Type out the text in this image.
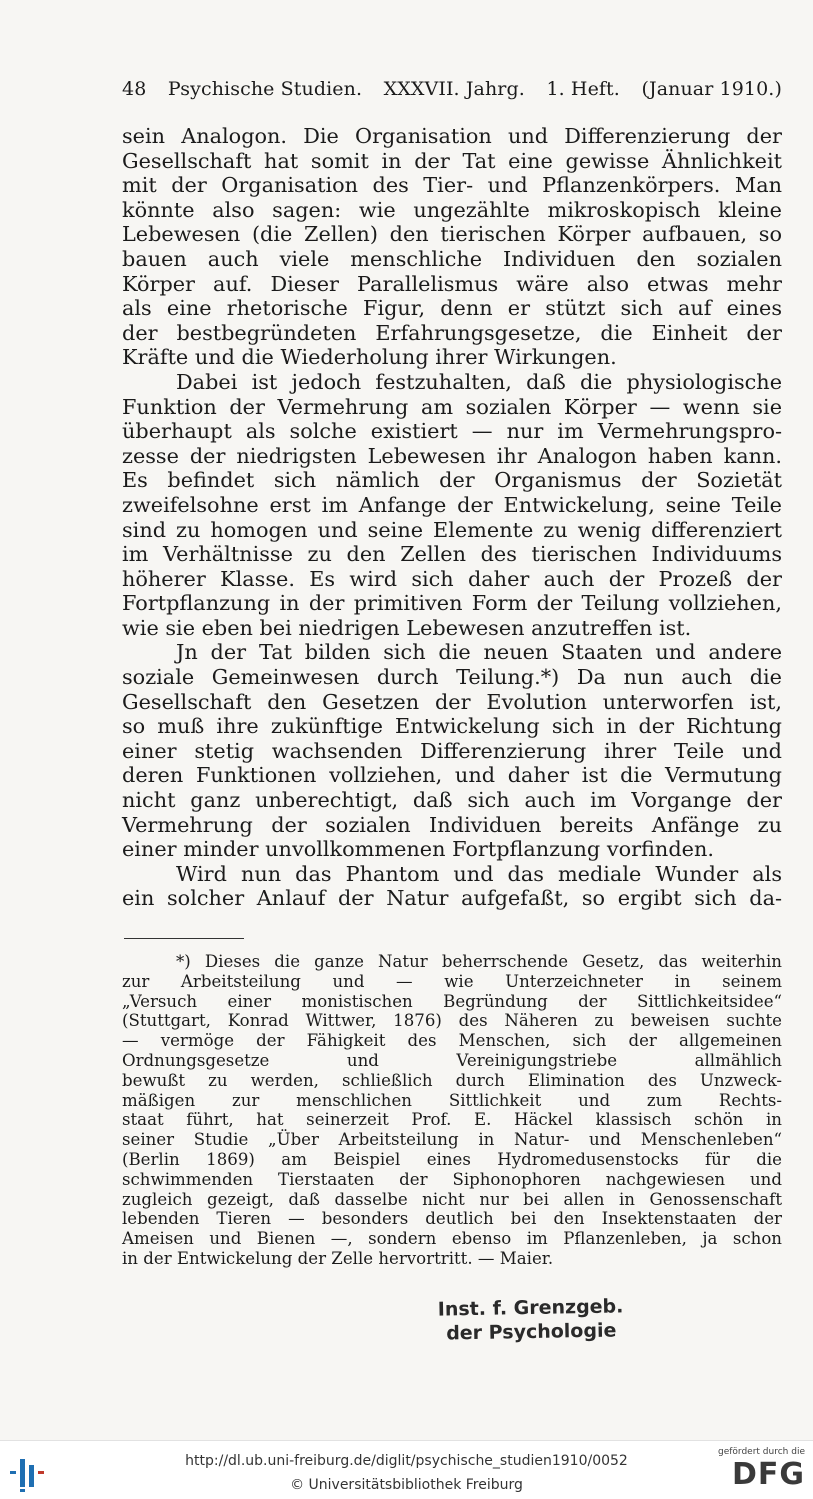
48 Psychische Studien. XXXVII. Jahrg. 1. Heft. (Januar 1910.)
sein Analogon. Die Organisation und Differenzierung der
Gesellschaft hat somit in der Tat eine gewisse Ähnlichkeit
mit der Organisation des Tier- und Pflanzenkörpers. Man
könnte also sagen: wie ungezählte mikroskopisch kleine
Lebewesen (die Zellen) den tierischen Körper aufbauen, so
bauen auch viele menschliche Individuen den sozialen
Körper auf. Dieser Parallelismus wäre also etwas mehr
als eine rhetorische Figur, denn er stützt sich auf eines
der bestbegründeten Erfahrungsgesetze, die Einheit der
Kräfte und die Wiederholung ihrer Wirkungen.
Dabei ist jedoch festzuhalten, daß die physiologische
Funktion der Vermehrung am sozialen Körper — wenn sie
überhaupt als solche existiert — nur im Vermehrungspro-
zesse der niedrigsten Lebewesen ihr Analogon haben kann.
Es befindet sich nämlich der Organismus der Sozietät
zweifelsohne erst im Anfange der Entwickelung, seine Teile
sind zu homogen und seine Elemente zu wenig differenziert
im Verhältnisse zu den Zellen des tierischen Individuums
höherer Klasse. Es wird sich daher auch der Prozeß der
Fortpflanzung in der primitiven Form der Teilung vollziehen,
wie sie eben bei niedrigen Lebewesen anzutreffen ist.
Jn der Tat bilden sich die neuen Staaten und andere
soziale Gemeinwesen durch Teilung.*) Da nun auch die
Gesellschaft den Gesetzen der Evolution unterworfen ist,
so muß ihre zukünftige Entwickelung sich in der Richtung
einer stetig wachsenden Differenzierung ihrer Teile und
deren Funktionen vollziehen, und daher ist die Vermutung
nicht ganz unberechtigt, daß sich auch im Vorgange der
Vermehrung der sozialen Individuen bereits Anfänge zu
einer minder unvollkommenen Fortpflanzung vorfinden.
Wird nun das Phantom und das mediale Wunder als
ein solcher Anlauf der Natur aufgefaßt, so ergibt sich da-
*) Dieses die ganze Natur beherrschende Gesetz, das weiterhin
zur Arbeitsteilung und — wie Unterzeichneter in seinem
„Versuch einer monistischen Begründung der Sittlichkeitsidee“
(Stuttgart, Konrad Wittwer, 1876) des Näheren zu beweisen suchte
— vermöge der Fähigkeit des Menschen, sich der allgemeinen
Ordnungsgesetze und Vereinigungstriebe allmählich
bewußt zu werden, schließlich durch Elimination des Unzweck-
mäßigen zur menschlichen Sittlichkeit und zum Rechts-
staat führt, hat seinerzeit Prof. E. Häckel klassisch schön in
seiner Studie „Über Arbeitsteilung in Natur- und Menschenleben“
(Berlin 1869) am Beispiel eines Hydromedusenstocks für die
schwimmenden Tierstaaten der Siphonophoren nachgewiesen und
zugleich gezeigt, daß dasselbe nicht nur bei allen in Genossenschaft
lebenden Tieren — besonders deutlich bei den Insektenstaaten der
Ameisen und Bienen —, sondern ebenso im Pflanzenleben, ja schon
in der Entwickelung der Zelle hervortritt. — Maier.
Inst. f. Grenzgeb.
der Psychologie
http://dl.ub.uni-freiburg.de/diglit/psychische_studien1910/0052
© Universitätsbibliothek Freiburg
gefördert durch die
DFG
